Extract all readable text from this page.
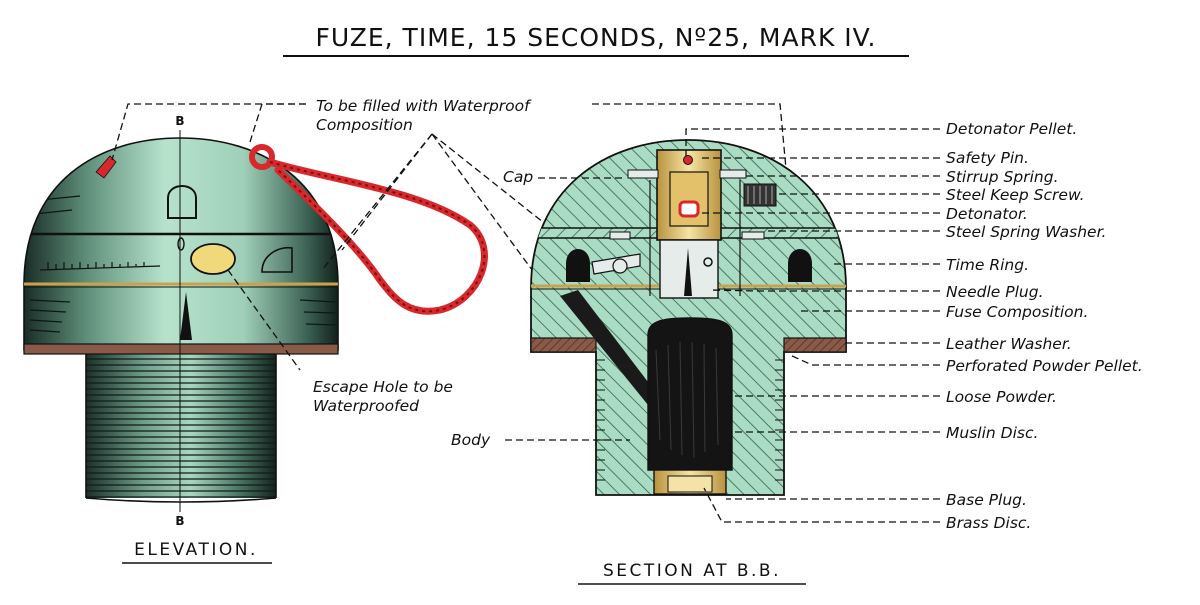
FUZE, TIME, 15 SECONDS, Nº25, MARK IV.
B
B
ELEVATION.
To be filled with Waterproof
Composition
Escape Hole to be
Waterproofed
SECTION AT B.B.
Cap
Body
Detonator Pellet.
Safety Pin.
Stirrup Spring.
Steel Keep Screw.
Detonator.
Steel Spring Washer.
Time Ring.
Needle Plug.
Fuse Composition.
Leather Washer.
Perforated Powder Pellet.
Loose Powder.
Muslin Disc.
Base Plug.
Brass Disc.
